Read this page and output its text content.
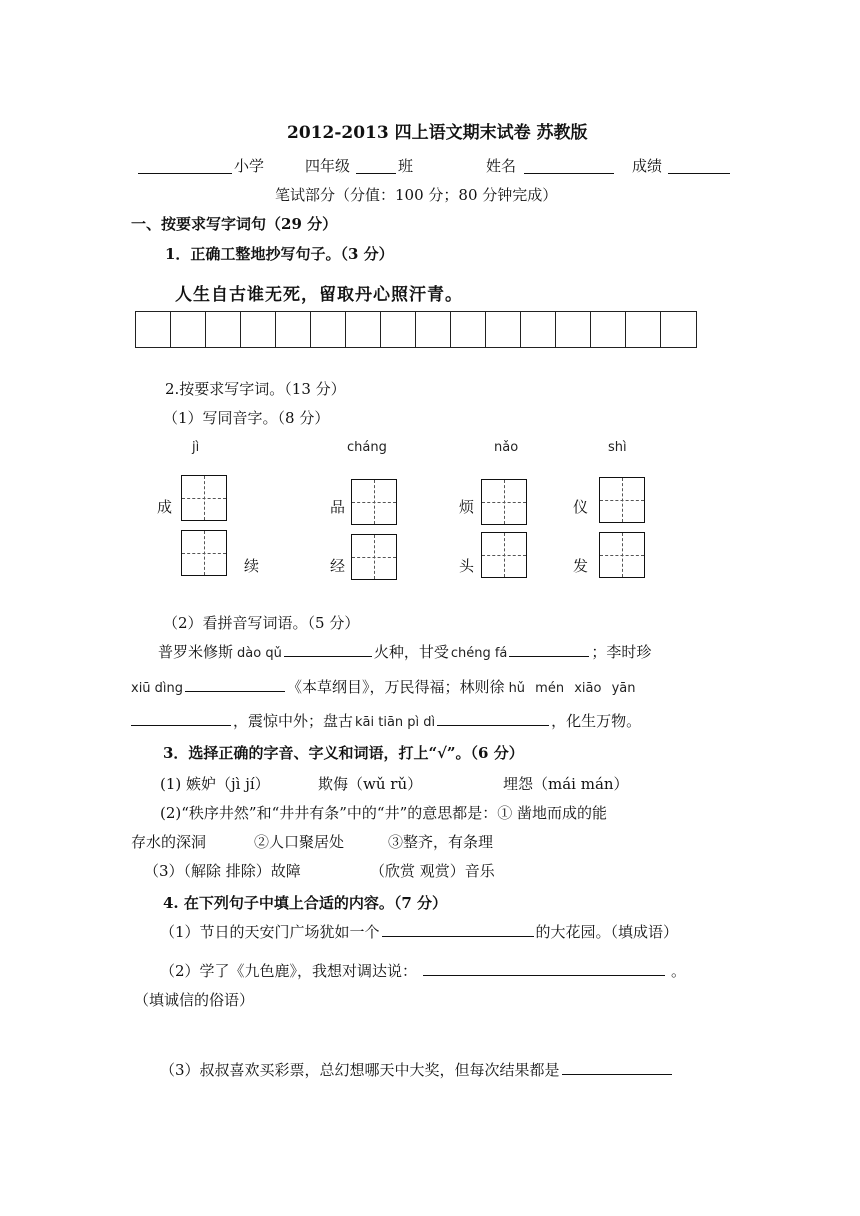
2012-2013 四上语文期末试卷 苏教版
小学	四年级	班	姓名	成绩
笔试部分（分值：100 分；80 分钟完成）
一、按要求写字词句（29 分）
1．正确工整地抄写句子。（3 分）
人生自古谁无死，留取丹心照汗青。
2.按要求写字词。（13 分）
（1）写同音字。（8 分）
jì	cháng	nǎo	shì
成	品	烦	仪
续	经	头	发
（2）看拼音写词语。（5 分）
普罗米修斯 dào qǔ	火种，甘受 chéng fá	；李时珍
xiū dìng	《本草纲目》，万民得福；林则徐 hǔ mén xiāo yān
，震惊中外；盘古 kāi tiān pì dì	，化生万物。
3．选择正确的字音、字义和词语，打上“√”。（6 分）
(1) 嫉妒（jì jí）	欺侮（wǔ rǔ）	埋怨（mái mán）
(2)“秩序井然”和“井井有条”中的“井”的意思都是：① 凿地而成的能
存水的深洞	②人口聚居处	③整齐，有条理
（3）（解除 排除）故障	（欣赏 观赏）音乐
4. 在下列句子中填上合适的内容。（7 分）
（1）节日的天安门广场犹如一个	的大花园。（填成语）
（2）学了《九色鹿》，我想对调达说：	。
（填诚信的俗语）
（3）叔叔喜欢买彩票，总幻想哪天中大奖，但每次结果都是
